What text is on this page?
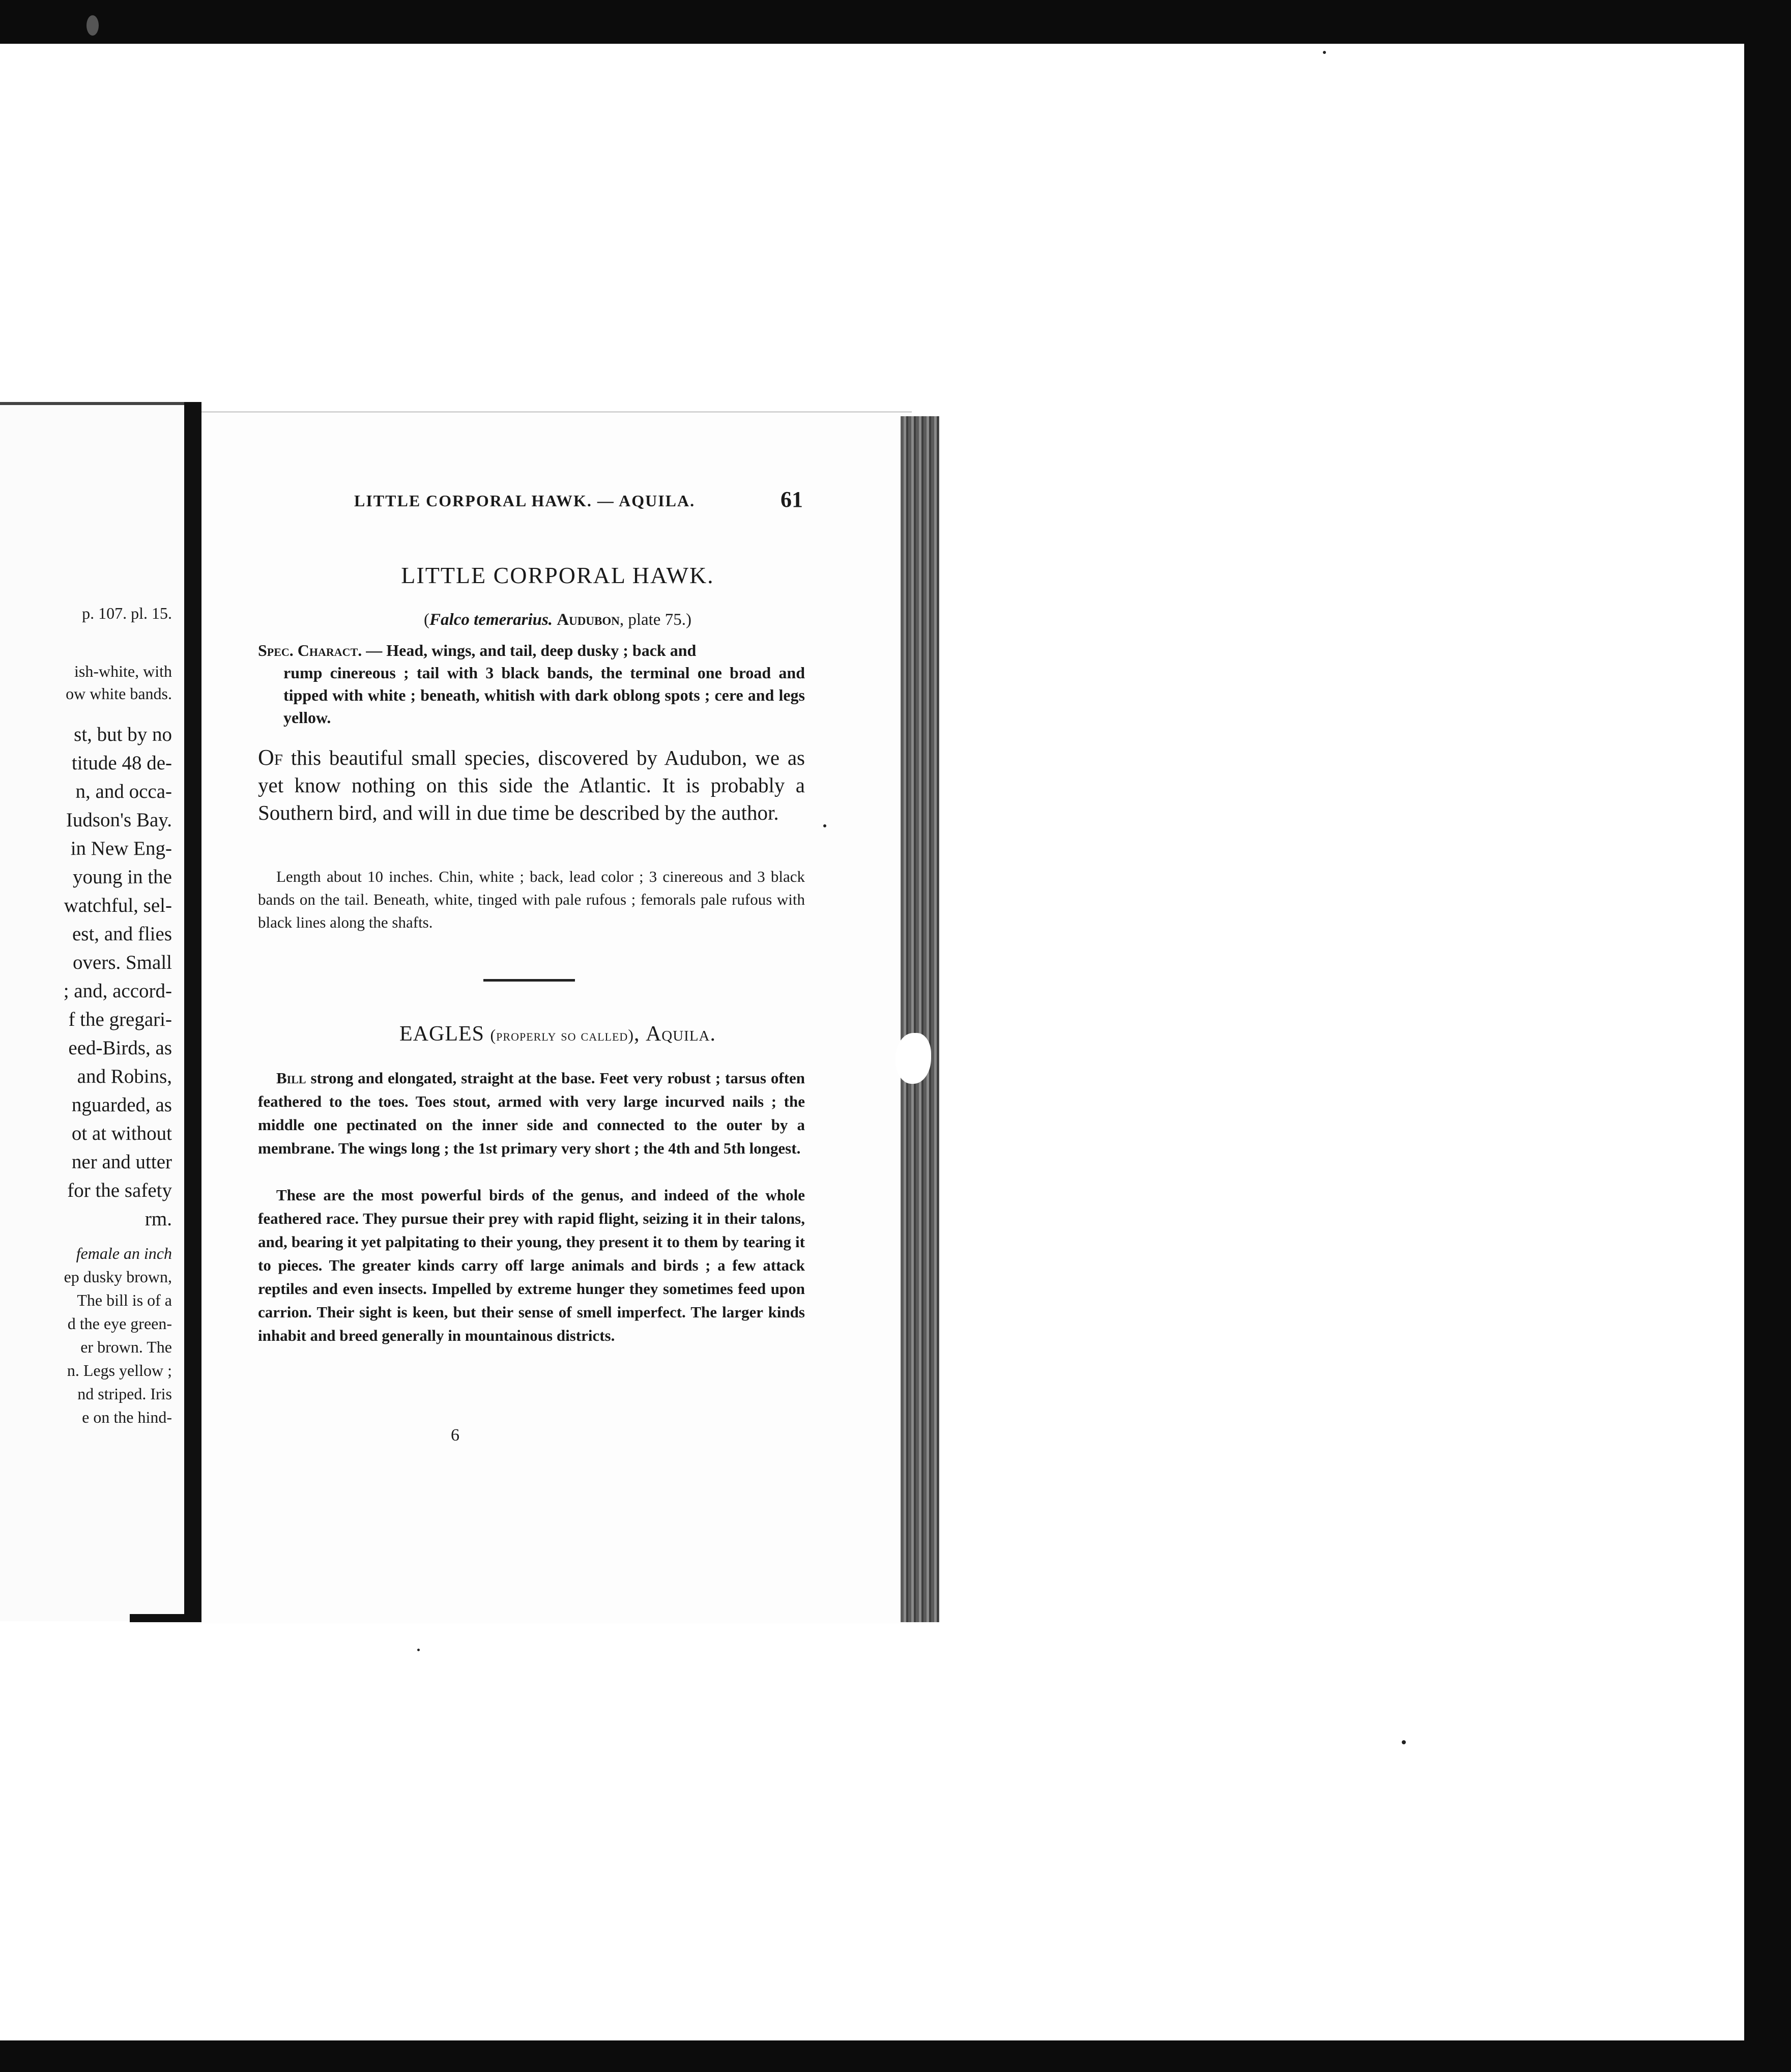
p. 107. pl. 15.
ish-white, with
ow white bands.
st, but by no
titude 48 de-
n, and occa-
Iudson's Bay.
in New Eng-
young in the
watchful, sel-
est, and flies
overs. Small
; and, accord-
f the gregari-
eed-Birds, as
and Robins,
nguarded, as
ot at without
ner and utter
for the safety
rm.
female an inch
ep dusky brown,
The bill is of a
d the eye green-
er brown. The
n. Legs yellow ;
nd striped. Iris
e on the hind-
LITTLE CORPORAL HAWK. — AQUILA.	61
LITTLE CORPORAL HAWK.
(Falco temerarius. Audubon, plate 75.)
Spec. Charact. — Head, wings, and tail, deep dusky ; back and
rump cinereous ; tail with 3 black bands, the terminal one broad and tipped with white ; beneath, whitish with dark oblong spots ; cere and legs yellow.
Of this beautiful small species, discovered by Audubon, we as yet know nothing on this side the Atlantic. It is probably a Southern bird, and will in due time be described by the author.
Length about 10 inches. Chin, white ; back, lead color ; 3 cinereous and 3 black bands on the tail. Beneath, white, tinged with pale rufous ; femorals pale rufous with black lines along the shafts.
EAGLES (properly so called), Aquila.
Bill strong and elongated, straight at the base. Feet very robust ; tarsus often feathered to the toes. Toes stout, armed with very large incurved nails ; the middle one pectinated on the inner side and connected to the outer by a membrane. The wings long ; the 1st primary very short ; the 4th and 5th longest.
These are the most powerful birds of the genus, and indeed of the whole feathered race. They pursue their prey with rapid flight, seizing it in their talons, and, bearing it yet palpitating to their young, they present it to them by tearing it to pieces. The greater kinds carry off large animals and birds ; a few attack reptiles and even insects. Impelled by extreme hunger they sometimes feed upon carrion. Their sight is keen, but their sense of smell imperfect. The larger kinds inhabit and breed generally in mountainous districts.
6
